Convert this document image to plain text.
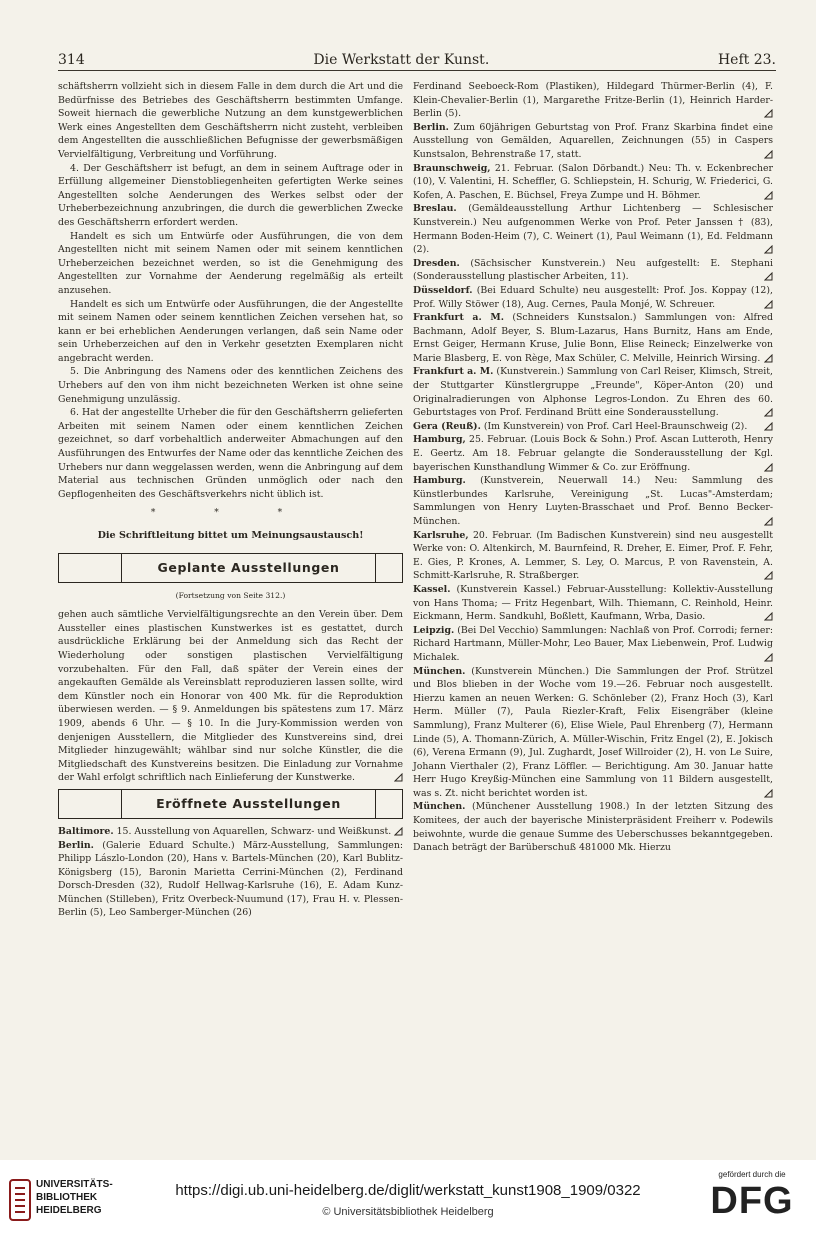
314	Die Werkstatt der Kunst.	Heft 23.

schäftsherrn vollzieht sich in diesem Falle in dem durch die Art und die Bedürfnisse des Betriebes des Geschäftsherrn bestimmten Umfange. Soweit hiernach die gewerbliche Nutzung an dem kunstgewerblichen Werk eines Angestellten dem Geschäftsherrn nicht zusteht, verbleiben dem Angestellten die ausschließlichen Befugnisse der gewerbsmäßigen Vervielfältigung, Verbreitung und Vorführung.

4. Der Geschäftsherr ist befugt, an dem in seinem Auftrage oder in Erfüllung allgemeiner Dienstobliegenheiten gefertigten Werke seines Angestellten solche Aenderungen des Werkes selbst oder der Urheberbezeichnung anzubringen, die durch die gewerblichen Zwecke des Geschäftsherrn erfordert werden.

Handelt es sich um Entwürfe oder Ausführungen, die von dem Angestellten nicht mit seinem Namen oder mit seinem kenntlichen Urheberzeichen bezeichnet werden, so ist die Genehmigung des Angestellten zur Vornahme der Aenderung regelmäßig als erteilt anzusehen.

Handelt es sich um Entwürfe oder Ausführungen, die der Angestellte mit seinem Namen oder seinem kenntlichen Zeichen versehen hat, so kann er bei erheblichen Aenderungen verlangen, daß sein Name oder sein Urheberzeichen auf den in Verkehr gesetzten Exemplaren nicht angebracht werden.

5. Die Anbringung des Namens oder des kenntlichen Zeichens des Urhebers auf den von ihm nicht bezeichneten Werken ist ohne seine Genehmigung unzulässig.

6. Hat der angestellte Urheber die für den Geschäftsherrn gelieferten Arbeiten mit seinem Namen oder einem kenntlichen Zeichen gezeichnet, so darf vorbehaltlich anderweiter Abmachungen auf den Ausführungen des Entwurfes der Name oder das kenntliche Zeichen des Urhebers nur dann weggelassen werden, wenn die Anbringung auf dem Material aus technischen Gründen unmöglich oder nach den Gepflogenheiten des Geschäftsverkehrs nicht üblich ist.

* * *
Die Schriftleitung bittet um Meinungsaustausch!
Geplante Ausstellungen
(Fortsetzung von Seite 312.)

gehen auch sämtliche Vervielfältigungsrechte an den Verein über. Dem Aussteller eines plastischen Kunstwerkes ist es gestattet, durch ausdrückliche Erklärung bei der Anmeldung sich das Recht der Wiederholung oder sonstigen plastischen Vervielfältigung vorzubehalten. Für den Fall, daß später der Verein eines der angekauften Gemälde als Vereinsblatt reproduzieren lassen sollte, wird dem Künstler noch ein Honorar von 400 Mk. für die Reproduktion überwiesen werden. — § 9. Anmeldungen bis spätestens zum 17. März 1909, abends 6 Uhr. — § 10. In die Jury-Kommission werden von denjenigen Ausstellern, die Mitglieder des Kunstvereins sind, drei Mitglieder hinzugewählt; wählbar sind nur solche Künstler, die die Mitgliedschaft des Kunstvereins besitzen. Die Einladung zur Vornahme der Wahl erfolgt schriftlich nach Einlieferung der Kunstwerke.

Eröffnete Ausstellungen

Baltimore. 15. Ausstellung von Aquarellen, Schwarz- und Weißkunst.

Berlin. (Galerie Eduard Schulte.) März-Ausstellung, Sammlungen: Philipp Lászlo-London (20), Hans v. Bartels-München (20), Karl Bublitz-Königsberg (15), Baronin Marietta Cerrini-München (2), Ferdinand Dorsch-Dresden (32), Rudolf Hellwag-Karlsruhe (16), E. Adam Kunz-München (Stilleben), Fritz Overbeck-Nuumund (17), Frau H. v. Plessen-Berlin (5), Leo Samberger-München (26)

Ferdinand Seeboeck-Rom (Plastiken), Hildegard Thürmer-Berlin (4), F. Klein-Chevalier-Berlin (1), Margarethe Fritze-Berlin (1), Heinrich Harder-Berlin (5).

Berlin. Zum 60jährigen Geburtstag von Prof. Franz Skarbina findet eine Ausstellung von Gemälden, Aquarellen, Zeichnungen (55) in Caspers Kunstsalon, Behrenstraße 17, statt.

Braunschweig, 21. Februar. (Salon Dörbandt.) Neu: Th. v. Eckenbrecher (10), V. Valentini, H. Scheffler, G. Schliepstein, H. Schurig, W. Friederici, G. Kofen, A. Paschen, E. Büchsel, Freya Zumpe und H. Böhmer.

Breslau. (Gemäldeausstellung Arthur Lichtenberg — Schlesischer Kunstverein.) Neu aufgenommen Werke von Prof. Peter Janssen † (83), Hermann Boden-Heim (7), C. Weinert (1), Paul Weimann (1), Ed. Feldmann (2).

Dresden. (Sächsischer Kunstverein.) Neu aufgestellt: E. Stephani (Sonderausstellung plastischer Arbeiten, 11).

Düsseldorf. (Bei Eduard Schulte) neu ausgestellt: Prof. Jos. Koppay (12), Prof. Willy Stöwer (18), Aug. Cernes, Paula Monjé, W. Schreuer.

Frankfurt a. M. (Schneiders Kunstsalon.) Sammlungen von: Alfred Bachmann, Adolf Beyer, S. Blum-Lazarus, Hans Burnitz, Hans am Ende, Ernst Geiger, Hermann Kruse, Julie Bonn, Elise Reineck; Einzelwerke von Marie Blasberg, E. von Rège, Max Schüler, C. Melville, Heinrich Wirsing.

Frankfurt a. M. (Kunstverein.) Sammlung von Carl Reiser, Klimsch, Streit, der Stuttgarter Künstlergruppe „Freunde", Köper-Anton (20) und Originalradierungen von Alphonse Legros-London. Zu Ehren des 60. Geburtstages von Prof. Ferdinand Brütt eine Sonderausstellung.

Gera (Reuß). (Im Kunstverein) von Prof. Carl Heel-Braunschweig (2).

Hamburg, 25. Februar. (Louis Bock & Sohn.) Prof. Ascan Lutteroth, Henry E. Geertz. Am 18. Februar gelangte die Sonderausstellung der Kgl. bayerischen Kunsthandlung Wimmer & Co. zur Eröffnung.

Hamburg. (Kunstverein, Neuerwall 14.) Neu: Sammlung des Künstlerbundes Karlsruhe, Vereinigung „St. Lucas"-Amsterdam; Sammlungen von Henry Luyten-Brasschaet und Prof. Benno Becker-München.

Karlsruhe, 20. Februar. (Im Badischen Kunstverein) sind neu ausgestellt Werke von: O. Altenkirch, M. Baurnfeind, R. Dreher, E. Eimer, Prof. F. Fehr, E. Gies, P. Krones, A. Lemmer, S. Ley, O. Marcus, P. von Ravenstein, A. Schmitt-Karlsruhe, R. Straßberger.

Kassel. (Kunstverein Kassel.) Februar-Ausstellung: Kollektiv-Ausstellung von Hans Thoma; — Fritz Hegenbart, Wilh. Thiemann, C. Reinhold, Heinr. Eickmann, Herm. Sandkuhl, Boßlett, Kaufmann, Wrba, Dasio.

Leipzig. (Bei Del Vecchio) Sammlungen: Nachlaß von Prof. Corrodi; ferner: Richard Hartmann, Müller-Mohr, Leo Bauer, Max Liebenwein, Prof. Ludwig Michalek.

München. (Kunstverein München.) Die Sammlungen der Prof. Strützel und Blos blieben in der Woche vom 19.—26. Februar noch ausgestellt. Hierzu kamen an neuen Werken: G. Schönleber (2), Franz Hoch (3), Karl Herm. Müller (7), Paula Riezler-Kraft, Felix Eisengräber (kleine Sammlung), Franz Multerer (6), Elise Wiele, Paul Ehrenberg (7), Hermann Linde (5), A. Thomann-Zürich, A. Müller-Wischin, Fritz Engel (2), E. Jokisch (6), Verena Ermann (9), Jul. Zughardt, Josef Willroider (2), H. von Le Suire, Johann Vierthaler (2), Franz Löffler. — Berichtigung. Am 30. Januar hatte Herr Hugo Kreyßig-München eine Sammlung von 11 Bildern ausgestellt, was s. Zt. nicht berichtet worden ist.

München. (Münchener Ausstellung 1908.) In der letzten Sitzung des Komitees, der auch der bayerische Ministerpräsident Freiherr v. Podewils beiwohnte, wurde die genaue Summe des Ueberschusses bekanntgegeben. Danach beträgt der Barüberschuß 481000 Mk. Hierzu

UNIVERSITÄTS-
BIBLIOTHEK
HEIDELBERG
https://digi.ub.uni-heidelberg.de/diglit/werkstatt_kunst1908_1909/0322
© Universitätsbibliothek Heidelberg
gefördert durch die
DFG
